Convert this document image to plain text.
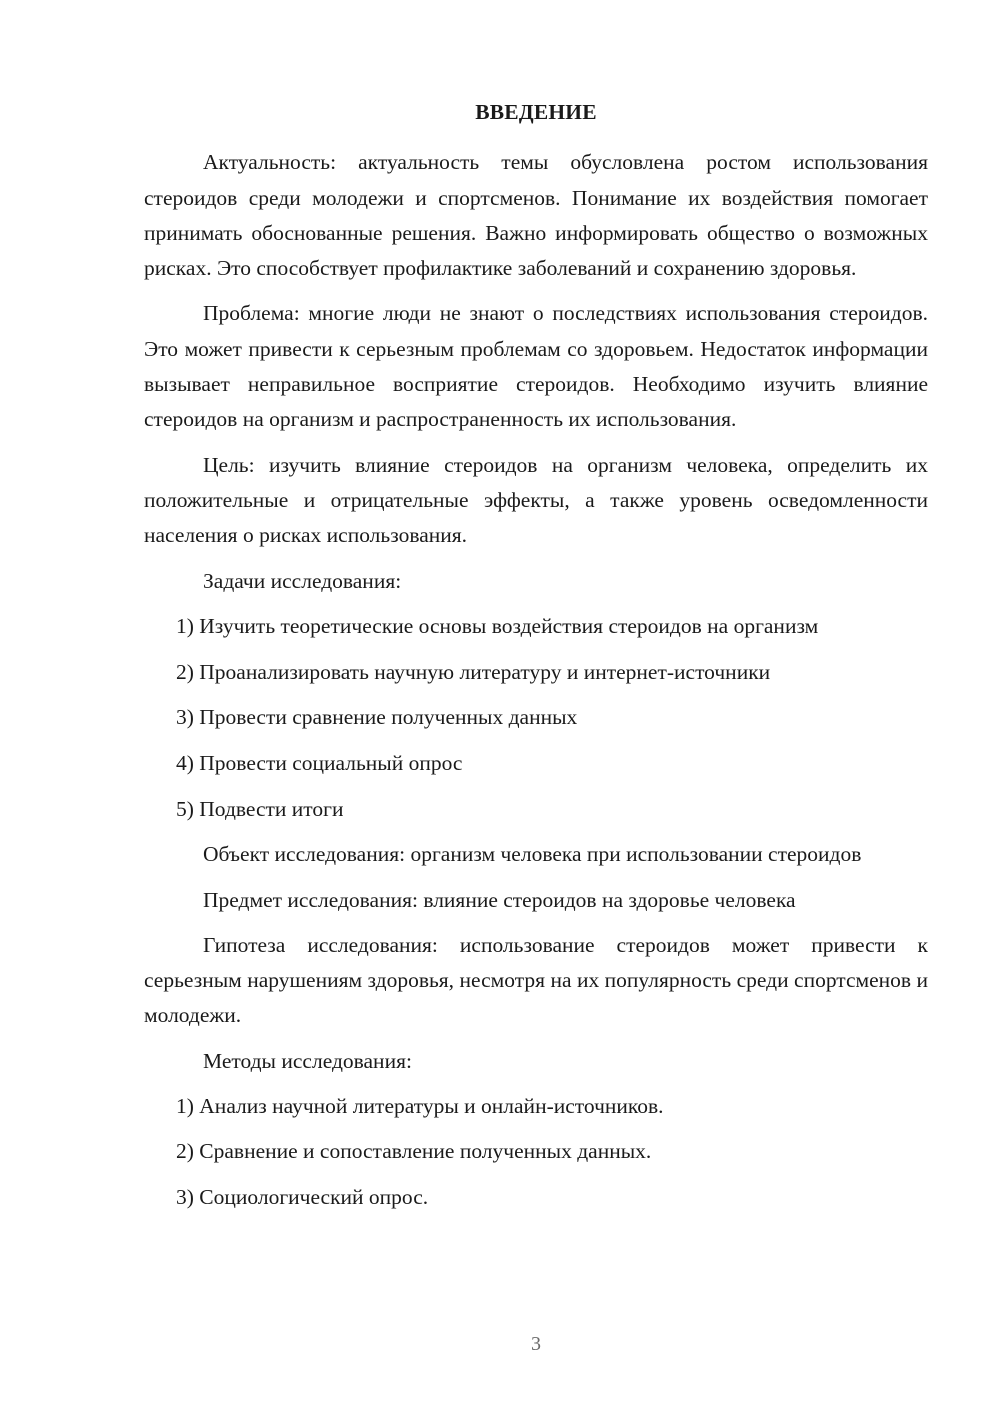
ВВЕДЕНИЕ

Актуальность: актуальность темы обусловлена ростом использования стероидов среди молодежи и спортсменов. Понимание их воздействия помогает принимать обоснованные решения. Важно информировать общество о возможных рисках. Это способствует профилактике заболеваний и сохранению здоровья.

Проблема: многие люди не знают о последствиях использования стероидов. Это может привести к серьезным проблемам со здоровьем. Недостаток информации вызывает неправильное восприятие стероидов. Необходимо изучить влияние стероидов на организм и распространенность их использования.

Цель: изучить влияние стероидов на организм человека, определить их положительные и отрицательные эффекты, а также уровень осведомленности населения о рисках использования.

Задачи исследования:

1) Изучить теоретические основы воздействия стероидов на организм
2) Проанализировать научную литературу и интернет-источники
3) Провести сравнение полученных данных
4) Провести социальный опрос
5) Подвести итоги

Объект исследования: организм человека при использовании стероидов

Предмет исследования: влияние стероидов на здоровье человека

Гипотеза исследования: использование стероидов может привести к серьезным нарушениям здоровья, несмотря на их популярность среди спортсменов и молодежи.

Методы исследования:

1) Анализ научной литературы и онлайн-источников.
2) Сравнение и сопоставление полученных данных.
3) Социологический опрос.
3
